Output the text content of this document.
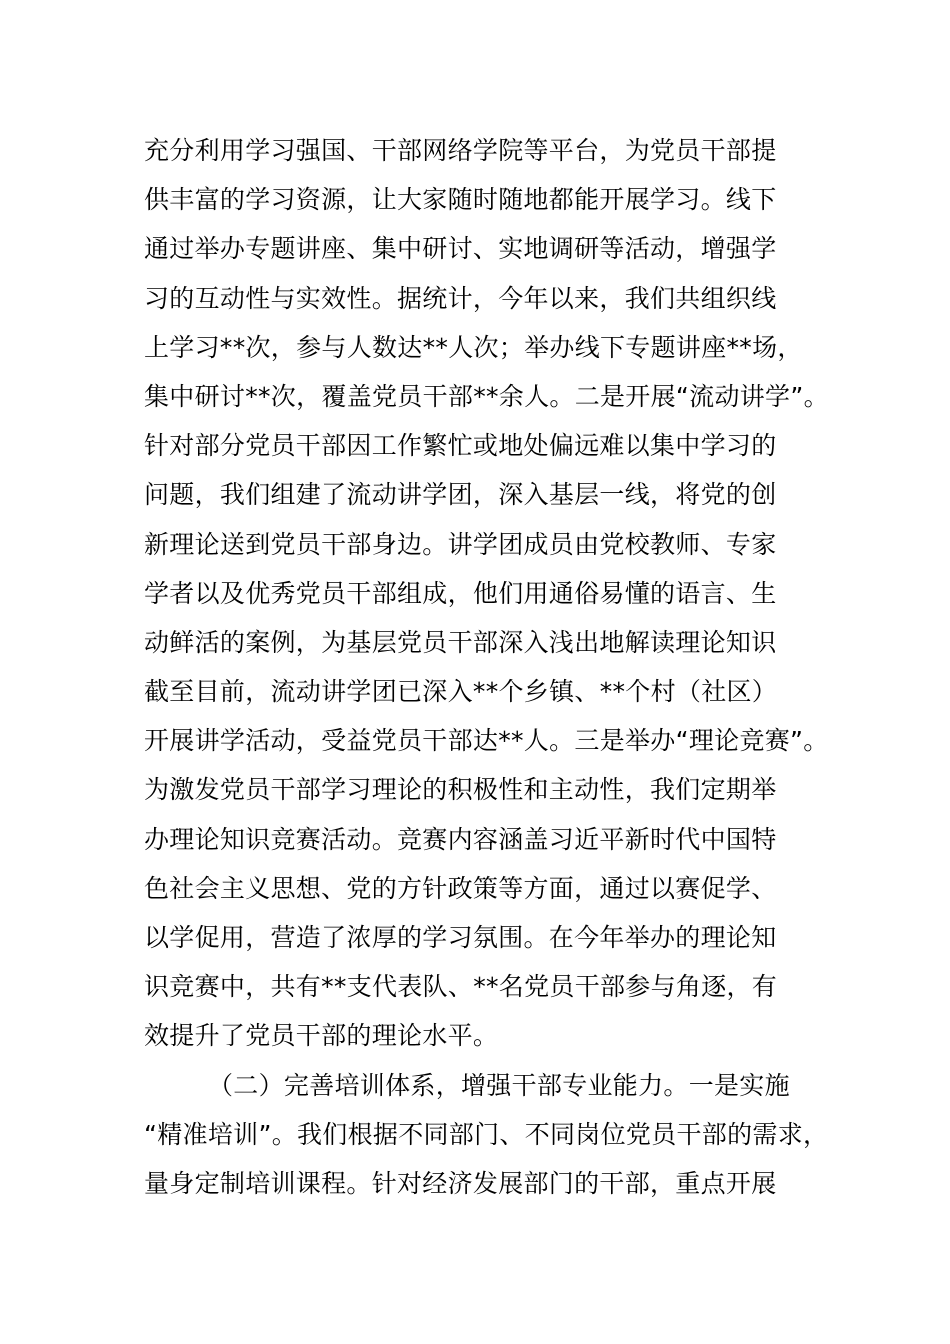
充分利用学习强国、干部网络学院等平台，为党员干部提
供丰富的学习资源，让大家随时随地都能开展学习。线下
通过举办专题讲座、集中研讨、实地调研等活动，增强学
习的互动性与实效性。据统计，今年以来，我们共组织线
上学习**次，参与人数达**人次；举办线下专题讲座**场，
集中研讨**次，覆盖党员干部**余人。二是开展“流动讲学”。
针对部分党员干部因工作繁忙或地处偏远难以集中学习的
问题，我们组建了流动讲学团，深入基层一线，将党的创
新理论送到党员干部身边。讲学团成员由党校教师、专家
学者以及优秀党员干部组成，他们用通俗易懂的语言、生
动鲜活的案例，为基层党员干部深入浅出地解读理论知识
截至目前，流动讲学团已深入**个乡镇、**个村（社区）
开展讲学活动，受益党员干部达**人。三是举办“理论竞赛”。
为激发党员干部学习理论的积极性和主动性，我们定期举
办理论知识竞赛活动。竞赛内容涵盖习近平新时代中国特
色社会主义思想、党的方针政策等方面，通过以赛促学、
以学促用，营造了浓厚的学习氛围。在今年举办的理论知
识竞赛中，共有**支代表队、**名党员干部参与角逐，有
效提升了党员干部的理论水平。
（二）完善培训体系，增强干部专业能力。一是实施
“精准培训”。我们根据不同部门、不同岗位党员干部的需求，
量身定制培训课程。针对经济发展部门的干部，重点开展
